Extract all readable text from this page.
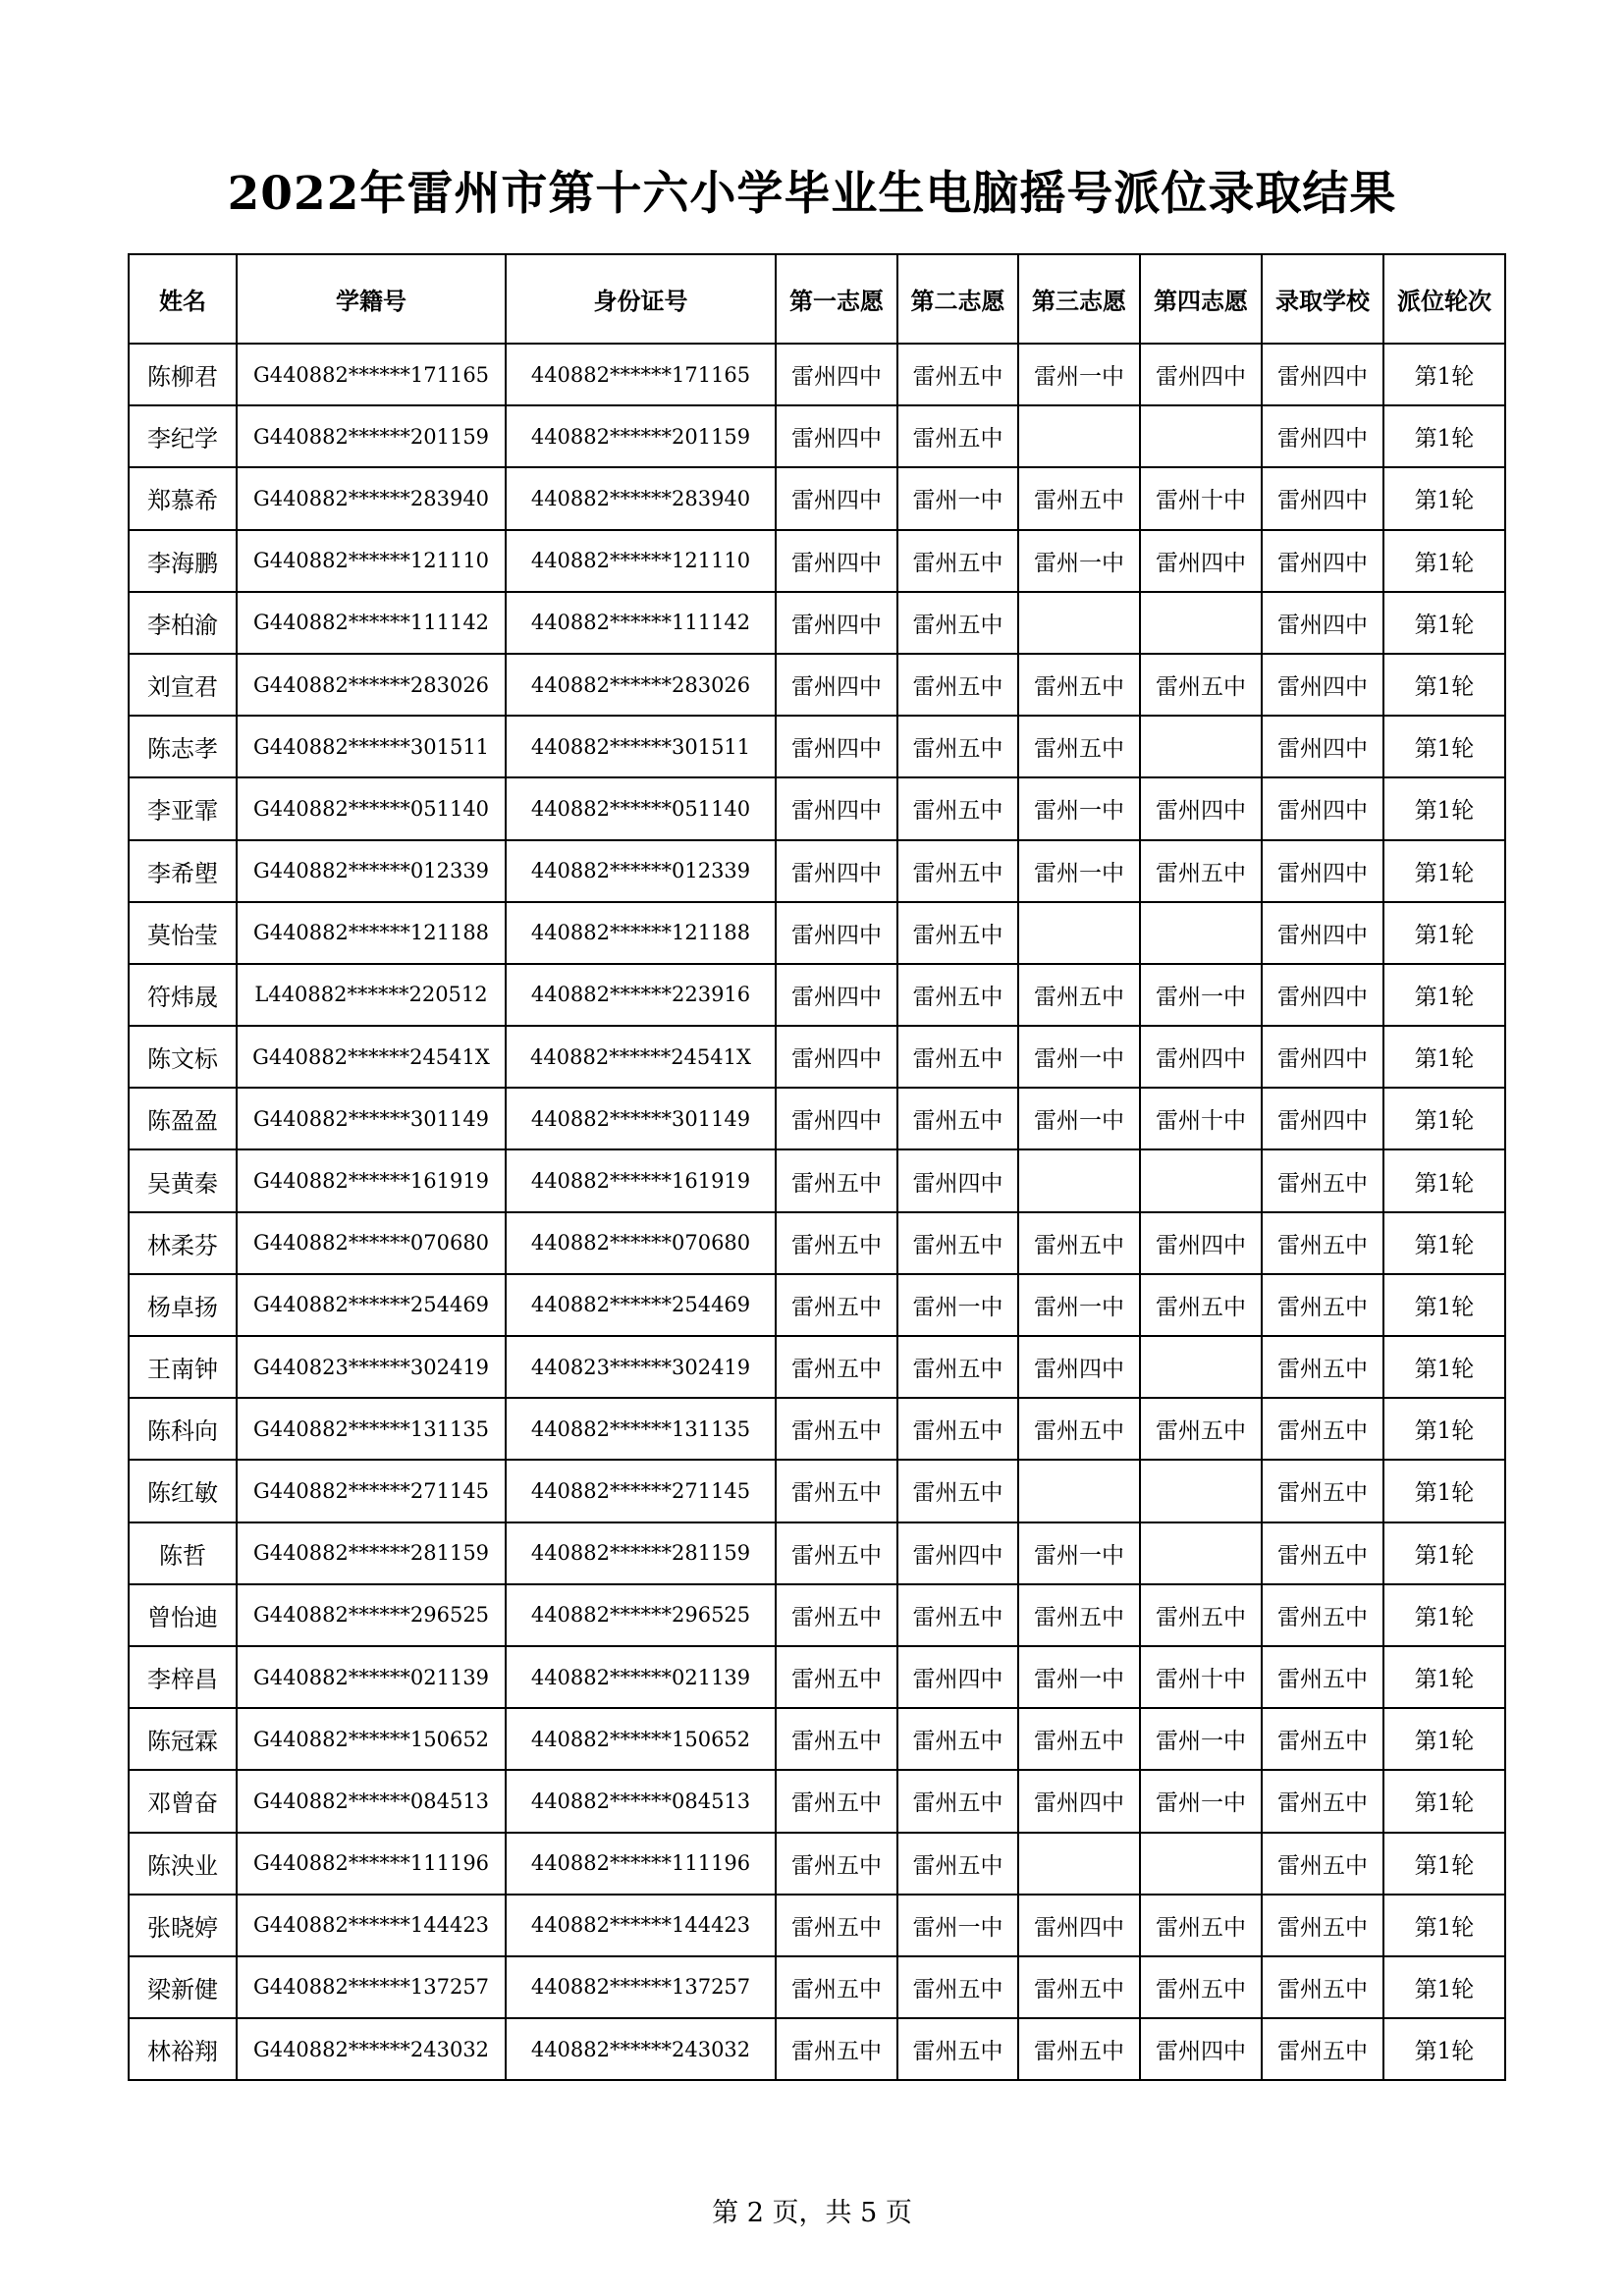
2022年雷州市第十六小学毕业生电脑摇号派位录取结果
姓名	学籍号	身份证号	第一志愿	第二志愿	第三志愿	第四志愿	录取学校	派位轮次
陈柳君	G440882******171165	440882******171165	雷州四中	雷州五中	雷州一中	雷州四中	雷州四中	第1轮
李纪学	G440882******201159	440882******201159	雷州四中	雷州五中			雷州四中	第1轮
郑慕希	G440882******283940	440882******283940	雷州四中	雷州一中	雷州五中	雷州十中	雷州四中	第1轮
李海鹏	G440882******121110	440882******121110	雷州四中	雷州五中	雷州一中	雷州四中	雷州四中	第1轮
李柏渝	G440882******111142	440882******111142	雷州四中	雷州五中			雷州四中	第1轮
刘宣君	G440882******283026	440882******283026	雷州四中	雷州五中	雷州五中	雷州五中	雷州四中	第1轮
陈志孝	G440882******301511	440882******301511	雷州四中	雷州五中	雷州五中		雷州四中	第1轮
李亚霏	G440882******051140	440882******051140	雷州四中	雷州五中	雷州一中	雷州四中	雷州四中	第1轮
李希塱	G440882******012339	440882******012339	雷州四中	雷州五中	雷州一中	雷州五中	雷州四中	第1轮
莫怡莹	G440882******121188	440882******121188	雷州四中	雷州五中			雷州四中	第1轮
符炜晟	L440882******220512	440882******223916	雷州四中	雷州五中	雷州五中	雷州一中	雷州四中	第1轮
陈文标	G440882******24541X	440882******24541X	雷州四中	雷州五中	雷州一中	雷州四中	雷州四中	第1轮
陈盈盈	G440882******301149	440882******301149	雷州四中	雷州五中	雷州一中	雷州十中	雷州四中	第1轮
吴黄秦	G440882******161919	440882******161919	雷州五中	雷州四中			雷州五中	第1轮
林柔芬	G440882******070680	440882******070680	雷州五中	雷州五中	雷州五中	雷州四中	雷州五中	第1轮
杨卓扬	G440882******254469	440882******254469	雷州五中	雷州一中	雷州一中	雷州五中	雷州五中	第1轮
王南钟	G440823******302419	440823******302419	雷州五中	雷州五中	雷州四中		雷州五中	第1轮
陈科向	G440882******131135	440882******131135	雷州五中	雷州五中	雷州五中	雷州五中	雷州五中	第1轮
陈红敏	G440882******271145	440882******271145	雷州五中	雷州五中			雷州五中	第1轮
陈哲	G440882******281159	440882******281159	雷州五中	雷州四中	雷州一中		雷州五中	第1轮
曾怡迪	G440882******296525	440882******296525	雷州五中	雷州五中	雷州五中	雷州五中	雷州五中	第1轮
李梓昌	G440882******021139	440882******021139	雷州五中	雷州四中	雷州一中	雷州十中	雷州五中	第1轮
陈冠霖	G440882******150652	440882******150652	雷州五中	雷州五中	雷州五中	雷州一中	雷州五中	第1轮
邓曾奋	G440882******084513	440882******084513	雷州五中	雷州五中	雷州四中	雷州一中	雷州五中	第1轮
陈泱业	G440882******111196	440882******111196	雷州五中	雷州五中			雷州五中	第1轮
张晓婷	G440882******144423	440882******144423	雷州五中	雷州一中	雷州四中	雷州五中	雷州五中	第1轮
梁新健	G440882******137257	440882******137257	雷州五中	雷州五中	雷州五中	雷州五中	雷州五中	第1轮
林裕翔	G440882******243032	440882******243032	雷州五中	雷州五中	雷州五中	雷州四中	雷州五中	第1轮
第 2 页，共 5 页
